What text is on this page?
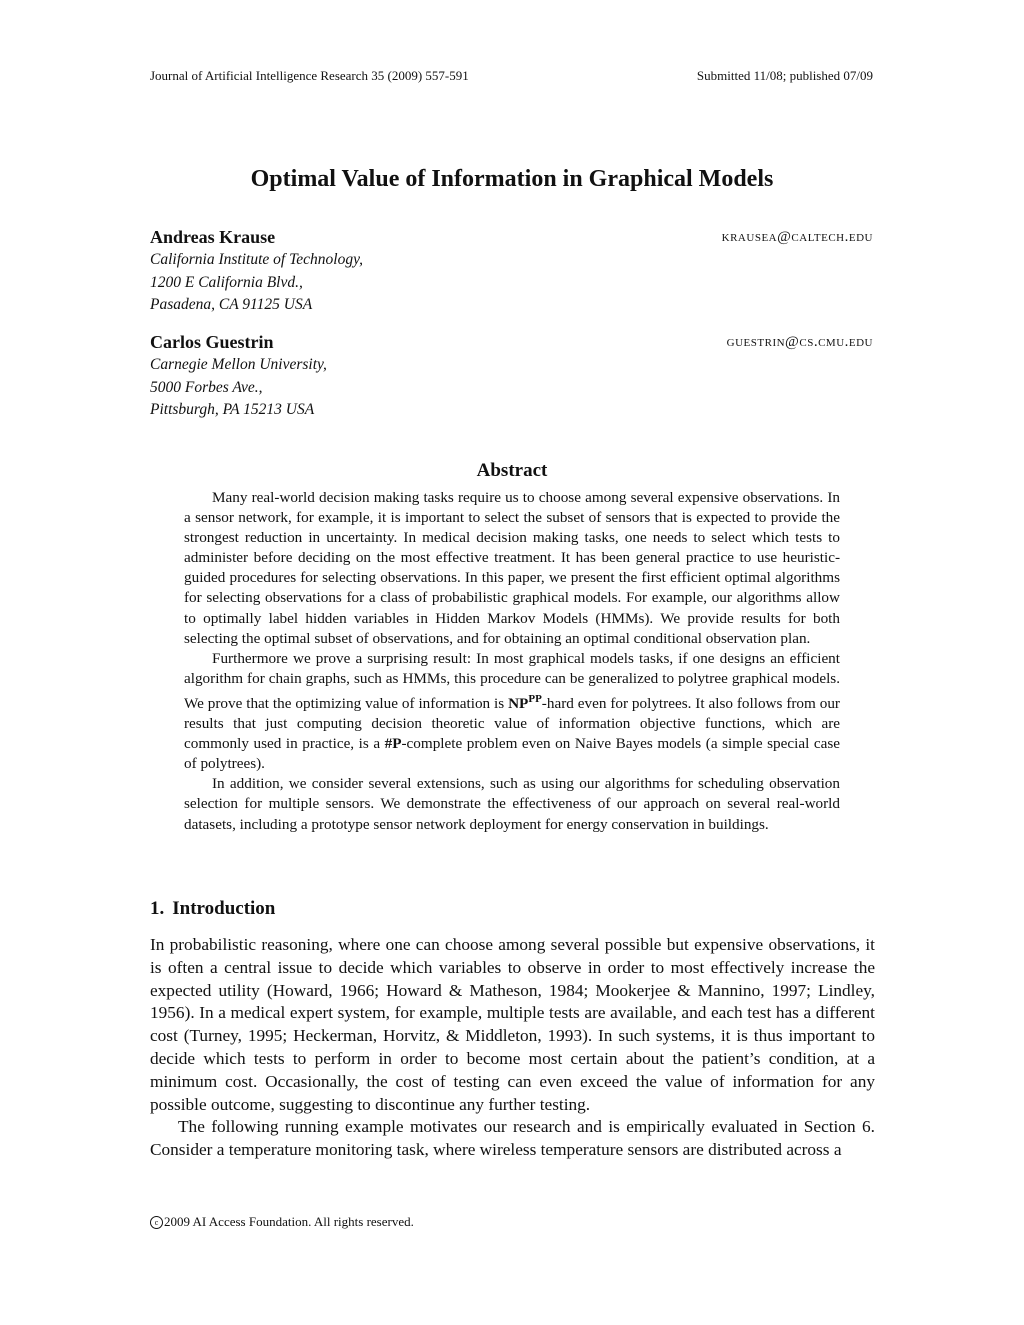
Journal of Artificial Intelligence Research 35 (2009) 557-591	Submitted 11/08; published 07/09
Optimal Value of Information in Graphical Models
Andreas Krause	krausea@caltech.edu
California Institute of Technology,
1200 E California Blvd.,
Pasadena, CA 91125 USA
Carlos Guestrin	guestrin@cs.cmu.edu
Carnegie Mellon University,
5000 Forbes Ave.,
Pittsburgh, PA 15213 USA
Abstract

Many real-world decision making tasks require us to choose among several expensive observations. In a sensor network, for example, it is important to select the subset of sensors that is expected to provide the strongest reduction in uncertainty. In medical decision making tasks, one needs to select which tests to administer before deciding on the most effective treatment. It has been general practice to use heuristic-guided procedures for selecting observations. In this paper, we present the first efficient optimal algorithms for selecting observations for a class of probabilistic graphical models. For example, our algorithms allow to optimally label hidden variables in Hidden Markov Models (HMMs). We provide results for both selecting the optimal subset of observations, and for obtaining an optimal conditional observation plan.

Furthermore we prove a surprising result: In most graphical models tasks, if one designs an efficient algorithm for chain graphs, such as HMMs, this procedure can be generalized to polytree graphical models. We prove that the optimizing value of information is $NP^{PP}$-hard even for polytrees. It also follows from our results that just computing decision theoretic value of information objective functions, which are commonly used in practice, is a #P-complete problem even on Naive Bayes models (a simple special case of polytrees).

In addition, we consider several extensions, such as using our algorithms for scheduling observation selection for multiple sensors. We demonstrate the effectiveness of our approach on several real-world datasets, including a prototype sensor network deployment for energy conservation in buildings.

1. Introduction

In probabilistic reasoning, where one can choose among several possible but expensive observations, it is often a central issue to decide which variables to observe in order to most effectively increase the expected utility (Howard, 1966; Howard & Matheson, 1984; Mookerjee & Mannino, 1997; Lindley, 1956). In a medical expert system, for example, multiple tests are available, and each test has a different cost (Turney, 1995; Heckerman, Horvitz, & Middleton, 1993). In such systems, it is thus important to decide which tests to perform in order to become most certain about the patient’s condition, at a minimum cost. Occasionally, the cost of testing can even exceed the value of information for any possible outcome, suggesting to discontinue any further testing.

The following running example motivates our research and is empirically evaluated in Section 6. Consider a temperature monitoring task, where wireless temperature sensors are distributed across a

c 2009 AI Access Foundation. All rights reserved.
